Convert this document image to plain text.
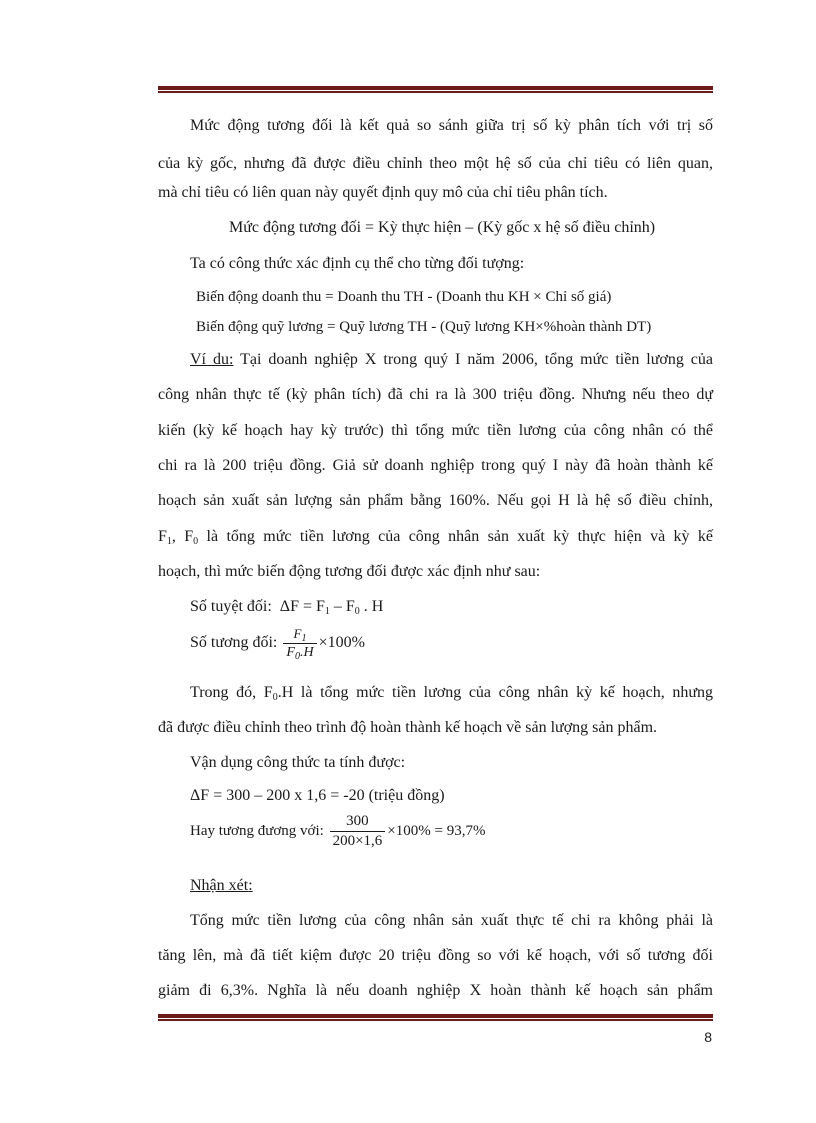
Mức động tương đối là kết quả so sánh giữa trị số kỳ phân tích với trị số
của kỳ gốc, nhưng đã được điều chỉnh theo một hệ số của chỉ tiêu có liên quan,
mà chỉ tiêu có liên quan này quyết định quy mô của chỉ tiêu phân tích.
Mức động tương đối = Kỳ thực hiện – (Kỳ gốc x hệ số điều chỉnh)
Ta có công thức xác định cụ thể cho từng đối tượng:
Biến động doanh thu = Doanh thu TH - (Doanh thu KH × Chỉ số giá)
Biến động quỹ lương = Quỹ lương TH - (Quỹ lương KH×%hoàn thành DT)
Ví du: Tại doanh nghiệp X trong quý I năm 2006, tổng mức tiền lương của
công nhân thực tế (kỳ phân tích) đã chi ra là 300 triệu đồng. Nhưng nếu theo dự
kiến (kỳ kế hoạch hay kỳ trước) thì tổng mức tiền lương của công nhân có thể
chi ra là 200 triệu đồng. Giả sử doanh nghiệp trong quý I này đã hoàn thành kế
hoạch sản xuất sản lượng sản phẩm bằng 160%. Nếu gọi H là hệ số điều chỉnh,
$F_1$, $F_0$ là tổng mức tiền lương của công nhân sản xuất kỳ thực hiện và kỳ kế
hoạch, thì mức biến động tương đối được xác định như sau:
Số tuyệt đối:  $\Delta F = F_1 - F_0$ . H
Số tương đối: $\frac{F_1}{F_0.H} \times 100\%$
Trong đó, $F_0.H$ là tổng mức tiền lương của công nhân kỳ kế hoạch, nhưng
đã được điều chỉnh theo trình độ hoàn thành kế hoạch về sản lượng sản phẩm.
Vận dụng công thức ta tính được:
ΔF = 300 – 200 x 1,6 = -20 (triệu đồng)
Hay tương đương với: $\frac{300}{200\times 1,6} \times 100\% = 93,7\%$
Nhận xét:
Tổng mức tiền lương của công nhân sản xuất thực tế chi ra không phải là
tăng lên, mà đã tiết kiệm được 20 triệu đồng so với kế hoạch, với số tương đối
giảm đi 6,3%. Nghĩa là nếu doanh nghiệp X hoàn thành kế hoạch sản phẩm
8
